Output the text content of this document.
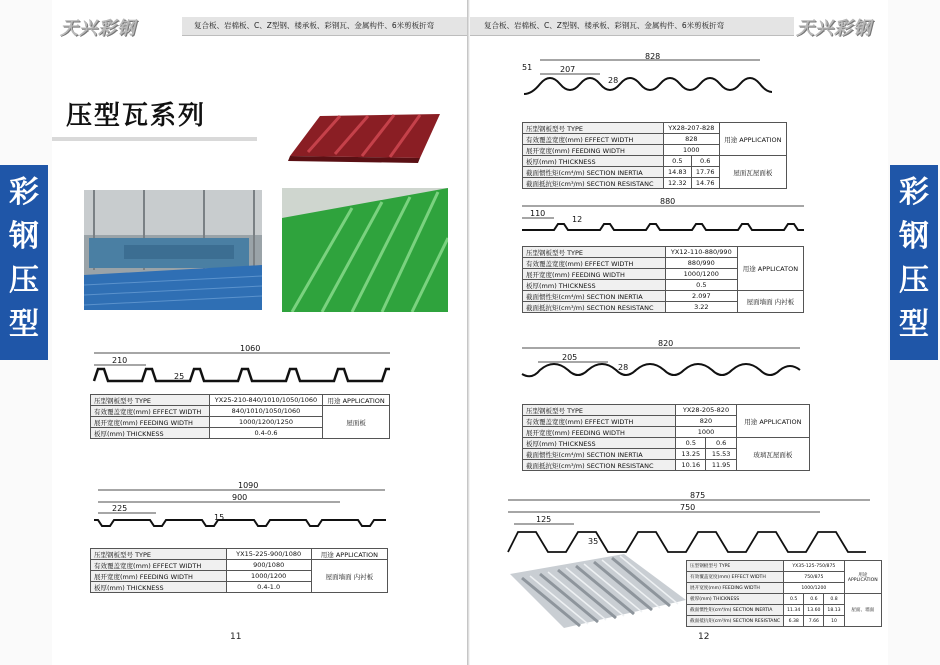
天兴彩钢	复合板、岩棉板、C、Z型钢、楼承板、彩钢瓦、金属构件、6米剪板折弯
压型瓦系列
1060
210
25
压型钢板型号 TYPE	YX25-210-840/1010/1050/1060	用途 APPLICATION
有效覆盖宽度(mm) EFFECT WIDTH	840/1010/1050/1060	屋面板
展开宽度(mm) FEEDING WIDTH	1000/1200/1250	
板厚(mm) THICKNESS	0.4-0.6	
1090
900
225
15
压型钢板型号 TYPE	YX15-225-900/1080	用途 APPLICATION
有效覆盖宽度(mm) EFFECT WIDTH	900/1080	屋面墙面 内衬板
展开宽度(mm) FEEDING WIDTH	1000/1200	
板厚(mm) THICKNESS	0.4-1.0	
11
复合板、岩棉板、C、Z型钢、楼承板、彩钢瓦、金属构件、6米剪板折弯	天兴彩钢
828
207
28
51
压型钢板型号 TYPE	YX28-207-828		用途 APPLICATION
有效覆盖宽度(mm) EFFECT WIDTH	828		
展开宽度(mm) FEEDING WIDTH	1000		
板厚(mm) THICKNESS	0.5	0.6	屋面瓦屋面板
截面惯性矩(cm⁴/m) SECTION INERTIA	14.83	17.76	
截面抵抗矩(cm³/m) SECTION RESISTANC	12.32	14.76	
880
110
12
压型钢板型号 TYPE	YX12-110-880/990	用途 APPLICATON
有效覆盖宽度(mm) EFFECT WIDTH	880/990	
展开宽度(mm) FEEDING WIDTH	1000/1200	
板厚(mm) THICKNESS	0.5	
截面惯性矩(cm⁴/m) SECTION INERTIA	2.097	屋面墙面 内衬板
截面抵抗矩(cm³/m) SECTION RESISTANC	3.22	
820
205
28
压型钢板型号 TYPE	YX28-205-820		用途 APPLICATION
有效覆盖宽度(mm) EFFECT WIDTH	820		
展开宽度(mm) FEEDING WIDTH	1000		
板厚(mm) THICKNESS	0.5	0.6	玻璃瓦屋面板
截面惯性矩(cm⁴/m) SECTION INERTIA	13.25	15.53	
截面抵抗矩(cm³/m) SECTION RESISTANC	10.16	11.95	
875
750
125
35
压型钢板型号 TYPE	YX35-125-750/875			用途 APPLICATION
有效覆盖宽度(mm) EFFECT WIDTH	750/875			
展开宽度(mm) FEEDING WIDTH	1000/1200			
板厚(mm) THICKNESS	0.5	0.6	0.8	屋面、墙面
截面惯性矩(cm⁴/m) SECTION INERTIA	11.34	13.60	18.13	
截面抵抗矩(cm³/m) SECTION RESISTANC	6.38	7.66	10	
12
彩
钢
压
型
彩
钢
压
型
